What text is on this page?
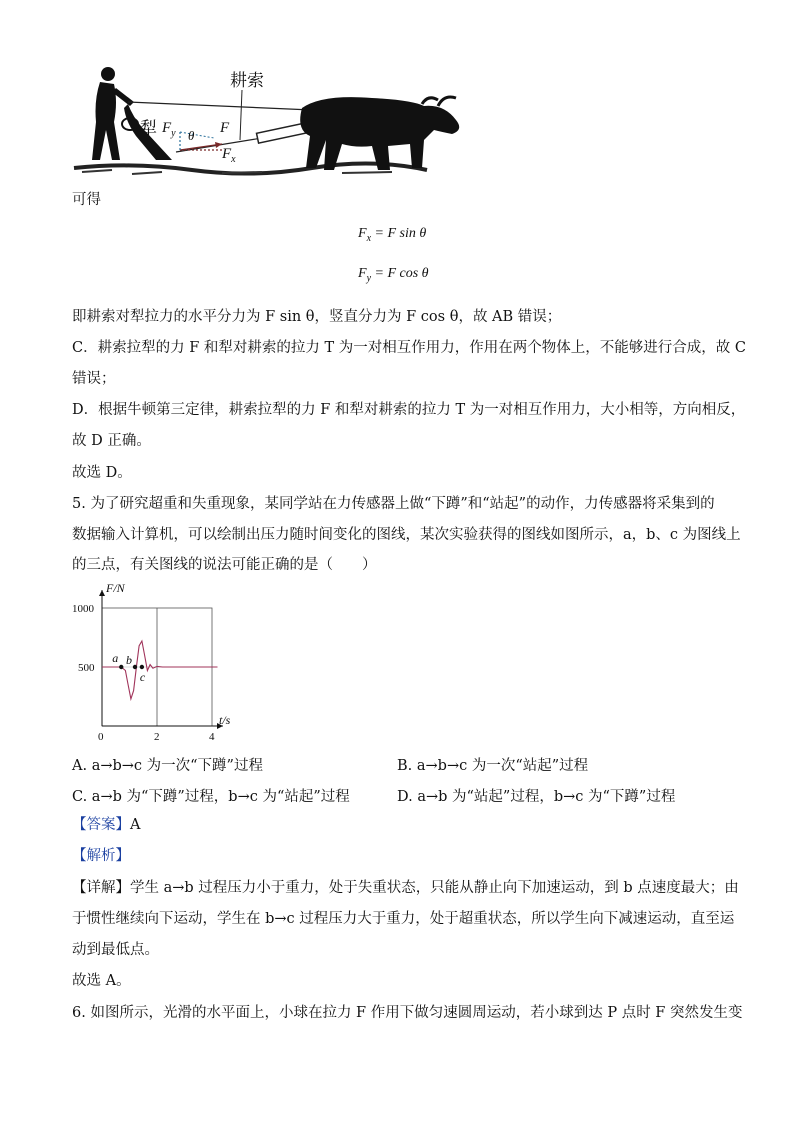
耕索
犁 $F_y$ θ F
$F_x$
可得
$F_x = F$ sin θ
$F_y = F$ cos θ
即耕索对犁拉力的水平分力为 F sin θ，竖直分力为 F cos θ，故 AB 错误；
C．耕索拉犁的力 F 和犁对耕索的拉力 T 为一对相互作用力，作用在两个物体上，不能够进行合成，故 C
错误；
D．根据牛顿第三定律，耕索拉犁的力 F 和犁对耕索的拉力 T 为一对相互作用力，大小相等，方向相反，
故 D 正确。
故选 D。
5. 为了研究超重和失重现象，某同学站在力传感器上做“下蹲”和“站起”的动作，力传感器将采集到的
数据输入计算机，可以绘制出压力随时间变化的图线，某次实验获得的图线如图所示，a，b、c 为图线上
的三点，有关图线的说法可能正确的是（　　）
F/N
t/s
1000
500
0	2	4
a b
c
A. a→b→c 为一次“下蹲”过程	B. a→b→c 为一次“站起”过程
C. a→b 为“下蹲”过程，b→c 为“站起”过程	D. a→b 为“站起”过程，b→c 为“下蹲”过程
【答案】A
【解析】
【详解】学生 a→b 过程压力小于重力，处于失重状态，只能从静止向下加速运动，到 b 点速度最大；由
于惯性继续向下运动，学生在 b→c 过程压力大于重力，处于超重状态，所以学生向下减速运动，直至运
动到最低点。
故选 A。
6. 如图所示，光滑的水平面上，小球在拉力 F 作用下做匀速圆周运动，若小球到达 P 点时 F 突然发生变
